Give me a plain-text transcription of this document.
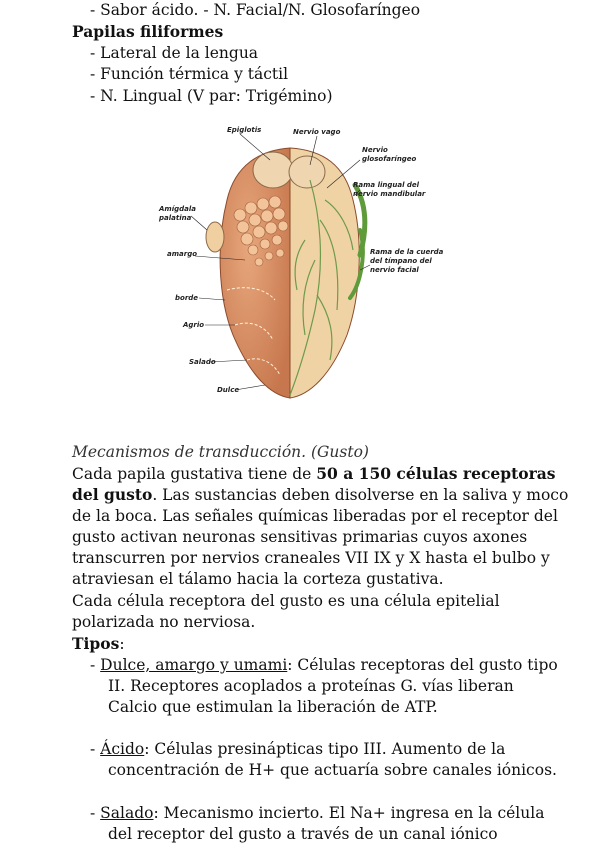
- Sabor ácido. - N. Facial/N. Glosofaríngeo
Papilas filiformes
- Lateral de la lengua
- Función térmica y táctil
- N. Lingual (V par: Trigémino)
Epiglotis	Nervio vago
Nervio
glosofaríngeo
Rama lingual del
nervio mandibular
Amígdala
palatina
amargo	Rama de la cuerda
del tímpano del
nervio facial
borde
Agrio
Salado
Dulce
Mecanismos de transducción. (Gusto)
Cada papila gustativa tiene de 50 a 150 células receptoras
del gusto. Las sustancias deben disolverse en la saliva y moco
de la boca. Las señales químicas liberadas por el receptor del
gusto activan neuronas sensitivas primarias cuyos axones
transcurren por nervios craneales VII IX y X hasta el bulbo y
atraviesan el tálamo hacia la corteza gustativa.
Cada célula receptora del gusto es una célula epitelial
polarizada no nerviosa.
Tipos:
- Dulce, amargo y umami: Células receptoras del gusto tipo
II. Receptores acoplados a proteínas G. vías liberan
Calcio que estimulan la liberación de ATP.
- Ácido: Células presinápticas tipo III. Aumento de la
concentración de H+ que actuaría sobre canales iónicos.
- Salado: Mecanismo incierto. El Na+ ingresa en la célula
del receptor del gusto a través de un canal iónico
